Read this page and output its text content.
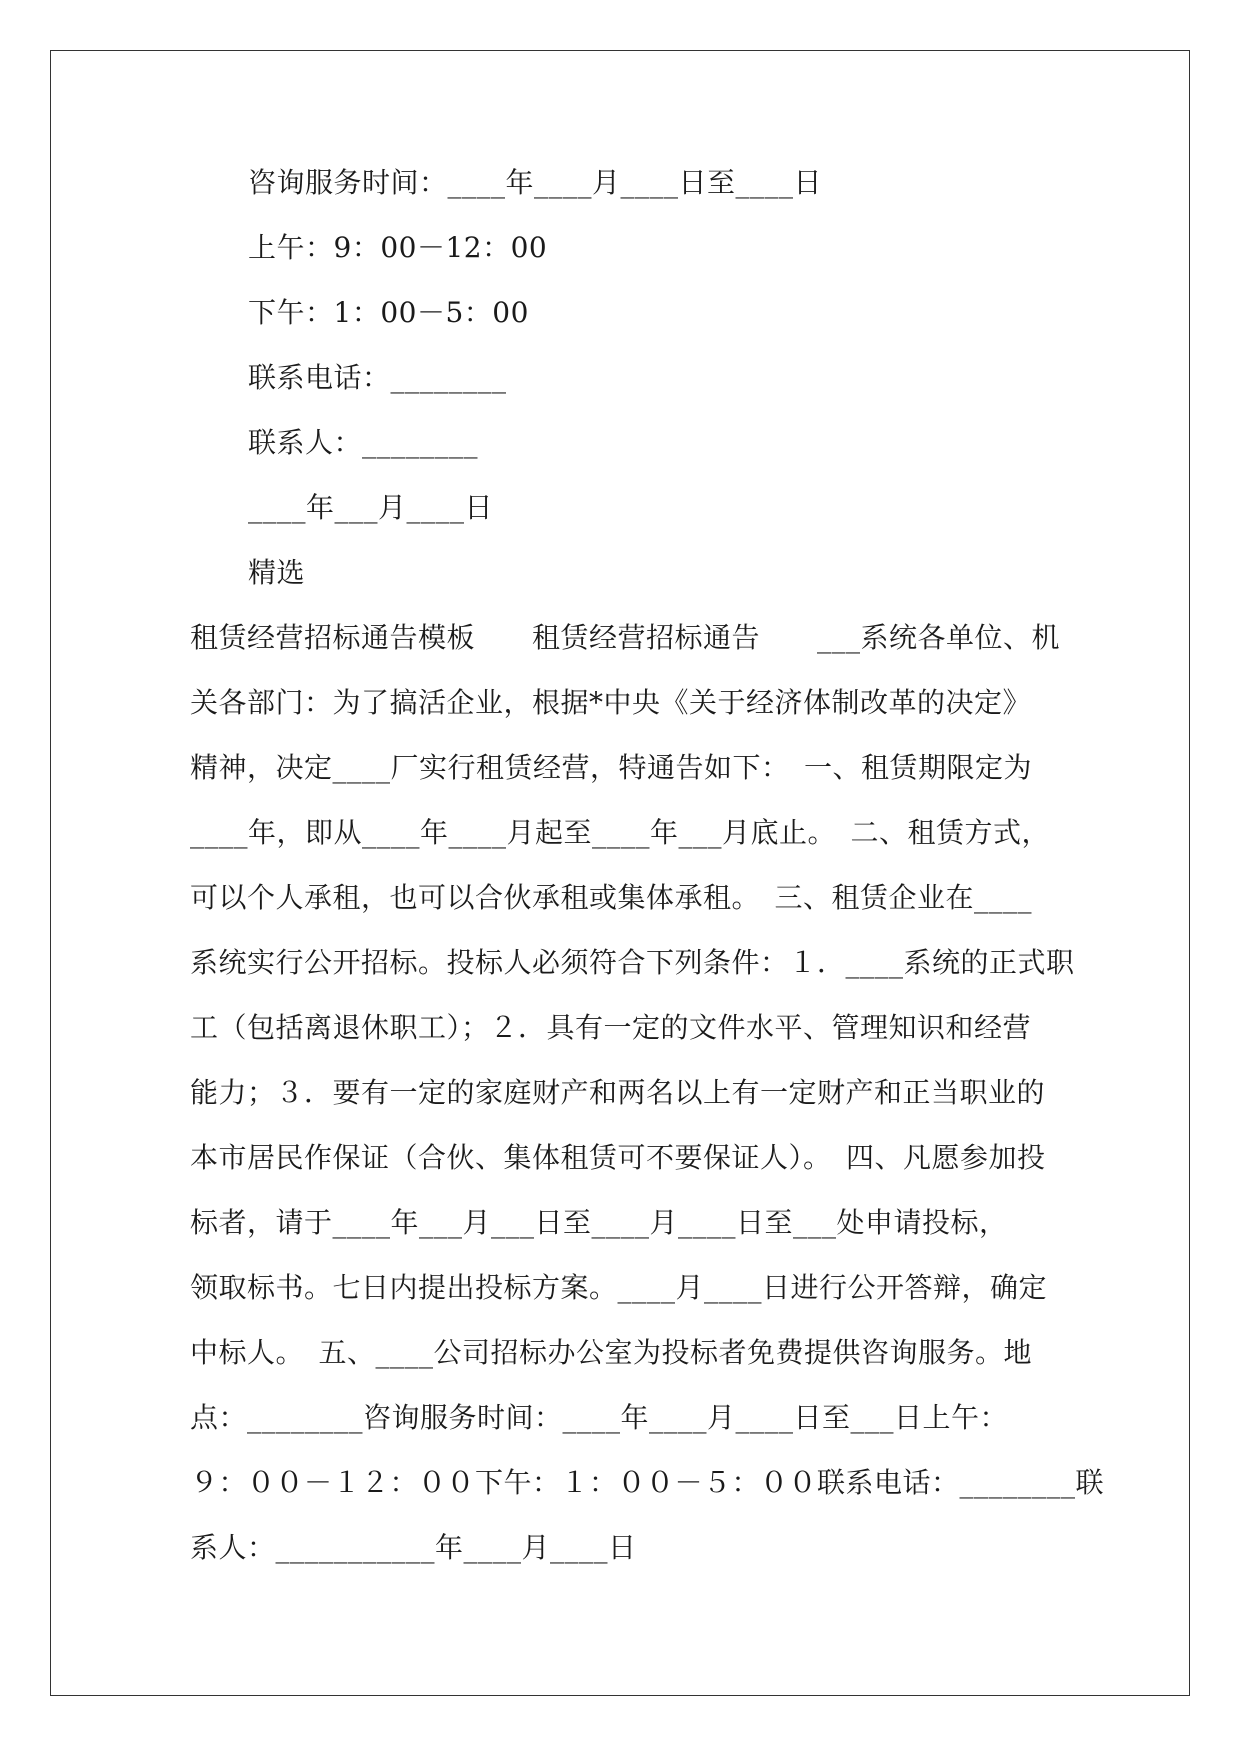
咨询服务时间：____年____月____日至____日
上午：9：00－12：00
下午：1：00－5：00
联系电话：________
联系人：________
____年___月____日
精选
租赁经营招标通告模板　　租赁经营招标通告　　___系统各单位、机
关各部门：为了搞活企业，根据*中央《关于经济体制改革的决定》
精神，决定____厂实行租赁经营，特通告如下：　一、租赁期限定为
____年，即从____年____月起至____年___月底止。　二、租赁方式，
可以个人承租，也可以合伙承租或集体承租。　三、租赁企业在____
系统实行公开招标。投标人必须符合下列条件：１．____系统的正式职
工（包括离退休职工）；２．具有一定的文件水平、管理知识和经营
能力；３．要有一定的家庭财产和两名以上有一定财产和正当职业的
本市居民作保证（合伙、集体租赁可不要保证人）。　四、凡愿参加投
标者，请于____年___月___日至____月____日至___处申请投标，
领取标书。七日内提出投标方案。____月____日进行公开答辩，确定
中标人。　五、____公司招标办公室为投标者免费提供咨询服务。地
点：________咨询服务时间：____年____月____日至___日上午：
９：００－１２：００下午：１：００－５：００联系电话：________联
系人：___________年____月____日
